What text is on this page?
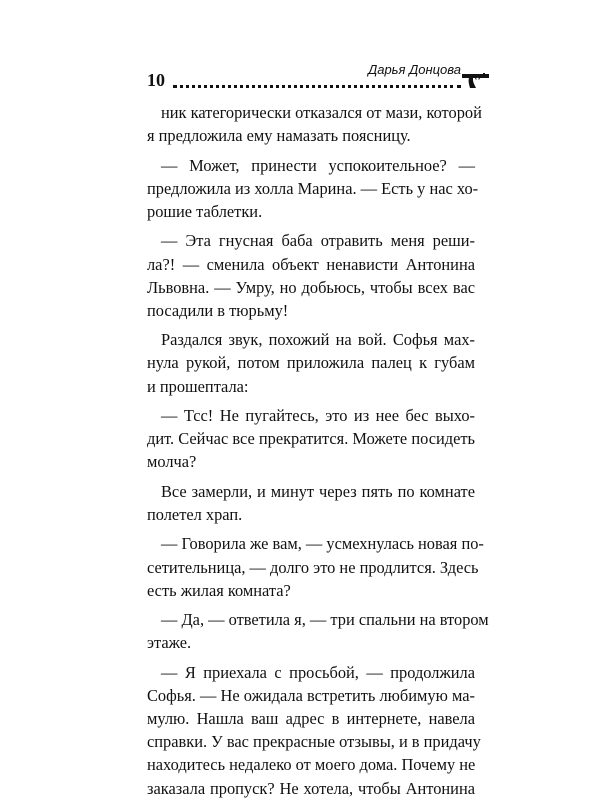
10
Дарья Донцова
ник категорически отказался от мази, которой
я предложила ему намазать поясницу.
— Может, принести успокоительное? —
предложила из холла Марина. — Есть у нас хо-
рошие таблетки.
— Эта гнусная баба отравить меня реши-
ла?! — сменила объект ненависти Антонина
Львовна. — Умру, но добьюсь, чтобы всех вас
посадили в тюрьму!
Раздался звук, похожий на вой. Софья мах-
нула рукой, потом приложила палец к губам
и прошептала:
— Тсс! Не пугайтесь, это из нее бес выхо-
дит. Сейчас все прекратится. Можете посидеть
молча?
Все замерли, и минут через пять по комнате
полетел храп.
— Говорила же вам, — усмехнулась новая по-
сетительница, — долго это не продлится. Здесь
есть жилая комната?
— Да, — ответила я, — три спальни на втором
этаже.
— Я приехала с просьбой, — продолжила
Софья. — Не ожидала встретить любимую ма-
мулю. Нашла ваш адрес в интернете, навела
справки. У вас прекрасные отзывы, и в придачу
находитесь недалеко от моего дома. Почему не
заказала пропуск? Не хотела, чтобы Антонина
